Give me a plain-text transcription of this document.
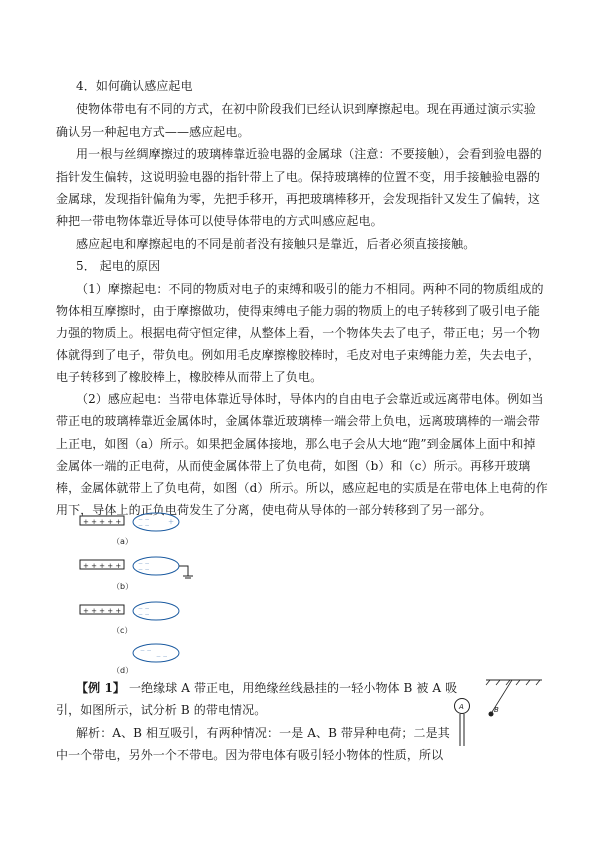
4．如何确认感应起电
使物体带电有不同的方式，在初中阶段我们已经认识到摩擦起电。现在再通过演示实验
确认另一种起电方式——感应起电。
用一根与丝绸摩擦过的玻璃棒靠近验电器的金属球（注意：不要接触），会看到验电器的
指针发生偏转，这说明验电器的指针带上了电。保持玻璃棒的位置不变，用手接触验电器的
金属球，发现指针偏角为零，先把手移开，再把玻璃棒移开，会发现指针又发生了偏转，这
种把一带电物体靠近导体可以使导体带电的方式叫感应起电。
感应起电和摩擦起电的不同是前者没有接触只是靠近，后者必须直接接触。
5． 起电的原因
（1）摩擦起电：不同的物质对电子的束缚和吸引的能力不相同。两种不同的物质组成的
物体相互摩擦时，由于摩擦做功，使得束缚电子能力弱的物质上的电子转移到了吸引电子能
力强的物质上。根据电荷守恒定律，从整体上看，一个物体失去了电子，带正电；另一个物
体就得到了电子，带负电。例如用毛皮摩擦橡胶棒时，毛皮对电子束缚能力差，失去电子，
电子转移到了橡胶棒上，橡胶棒从而带上了负电。
（2）感应起电：当带电体靠近导体时，导体内的自由电子会靠近或远离带电体。例如当
带正电的玻璃棒靠近金属体时，金属体靠近玻璃棒一端会带上负电，远离玻璃棒的一端会带
上正电，如图（a）所示。如果把金属体接地，那么电子会从大地“跑”到金属体上面中和掉
金属体一端的正电荷，从而使金属体带上了负电荷，如图（b）和（c）所示。再移开玻璃
棒，金属体就带上了负电荷，如图（d）所示。所以，感应起电的实质是在带电体上电荷的作
用下，导体上的正负电荷发生了分离，使电荷从导体的一部分转移到了另一部分。
+ + + + +	－ －
－ －	＋
（a）
+ + + + +	－ －
－ －
（b）
+ + + + +	－ －
－ －
（c）
－ －
－ －
（d）
【例 1】 一绝缘球 A 带正电，用绝缘丝线悬挂的一轻小物体 B 被 A 吸
引，如图所示，试分析 B 的带电情况。
解析：A、B 相互吸引，有两种情况：一是 A、B 带异种电荷；二是其
中一个带电，另外一个不带电。因为带电体有吸引轻小物体的性质，所以
B
A
